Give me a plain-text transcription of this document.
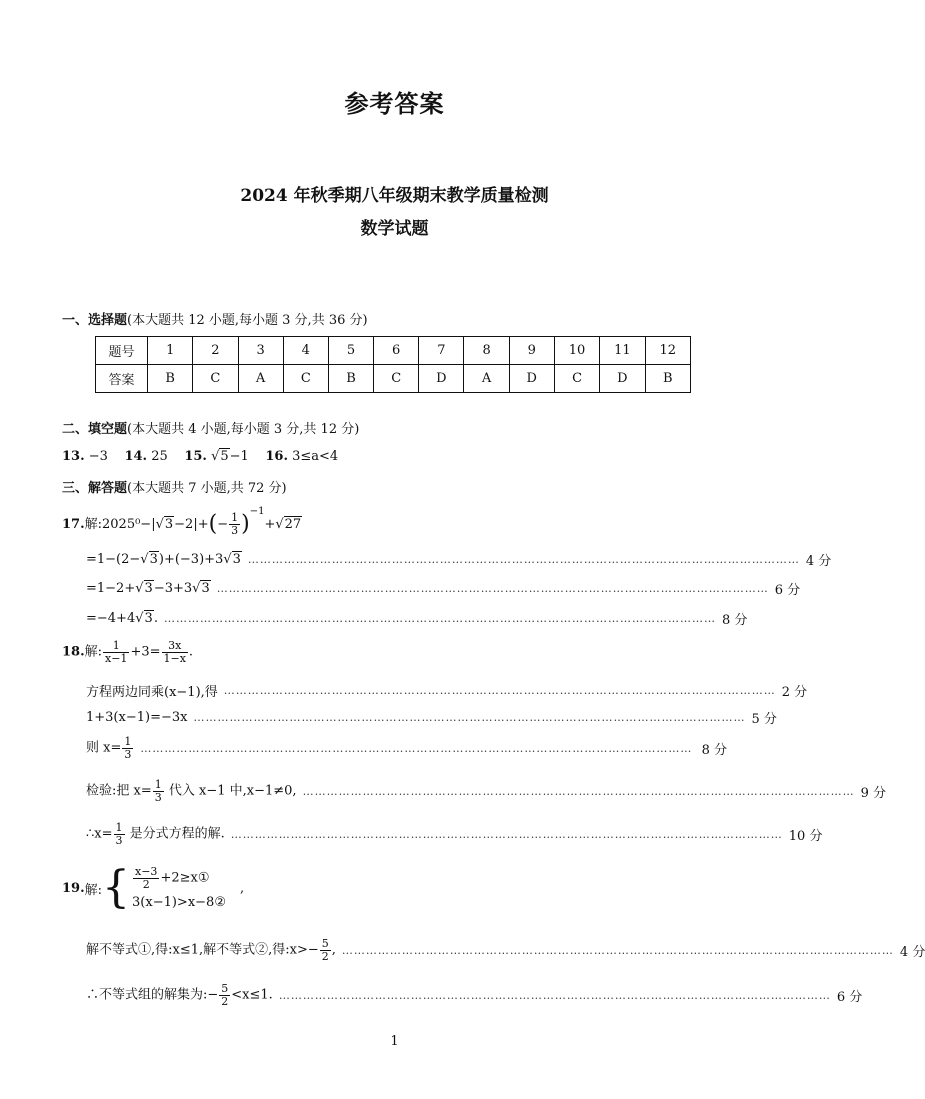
参考答案
2024 年秋季期八年级期末教学质量检测
数学试题
一、选择题(本大题共 12 小题,每小题 3 分,共 36 分)
题号	1	2	3	4	5	6	7	8	9	10	11	12
答案	B	C	A	C	B	C	D	A	D	C	D	B
二、填空题(本大题共 4 小题,每小题 3 分,共 12 分)
13. −3 14. 25 15. √5−1 16. 3≤a<4
三、解答题(本大题共 7 小题,共 72 分)
17.解:2025⁰−|√3−2|+(− $\frac{1}{3} )^{-1}+√27$
=1−(2−√3)+(−3)+3√3 ………………………………………………………………………………………………………………………… 4 分
=1−2+√3−3+3√3 ………………………………………………………………………………………………………………………… 6 分
=−4+4√3. ………………………………………………………………………………………………………………………… 8 分
18.解: $\frac{1}{x-1} +3= \frac{3x}{1-x}$ .
方程两边同乘(x−1),得 ………………………………………………………………………………………………………………………… 2 分
1+3(x−1)=−3x ………………………………………………………………………………………………………………………… 5 分
则 $x= \frac{1}{3}$ ………………………………………………………………………………………………………………………… 8 分
检验:把 $x= \frac{1}{3}$ 代入 x−1 中,x−1≠0, ………………………………………………………………………………………………………………………… 9 分
∴x= $\frac{1}{3}$ 是分式方程的解. ………………………………………………………………………………………………………………………… 10 分
19. 解: { $\frac{x-3}{2}$ +2≥x①
3(x−1)>x−8②
,
解不等式①,得:x≤1,解不等式②,得:x>− $\frac{5}{2}$ , ………………………………………………………………………………………………………………………… 4 分
∴不等式组的解集为:− $\frac{5}{2} <x\le 1$. ………………………………………………………………………………………………………………………… 6 分
1
